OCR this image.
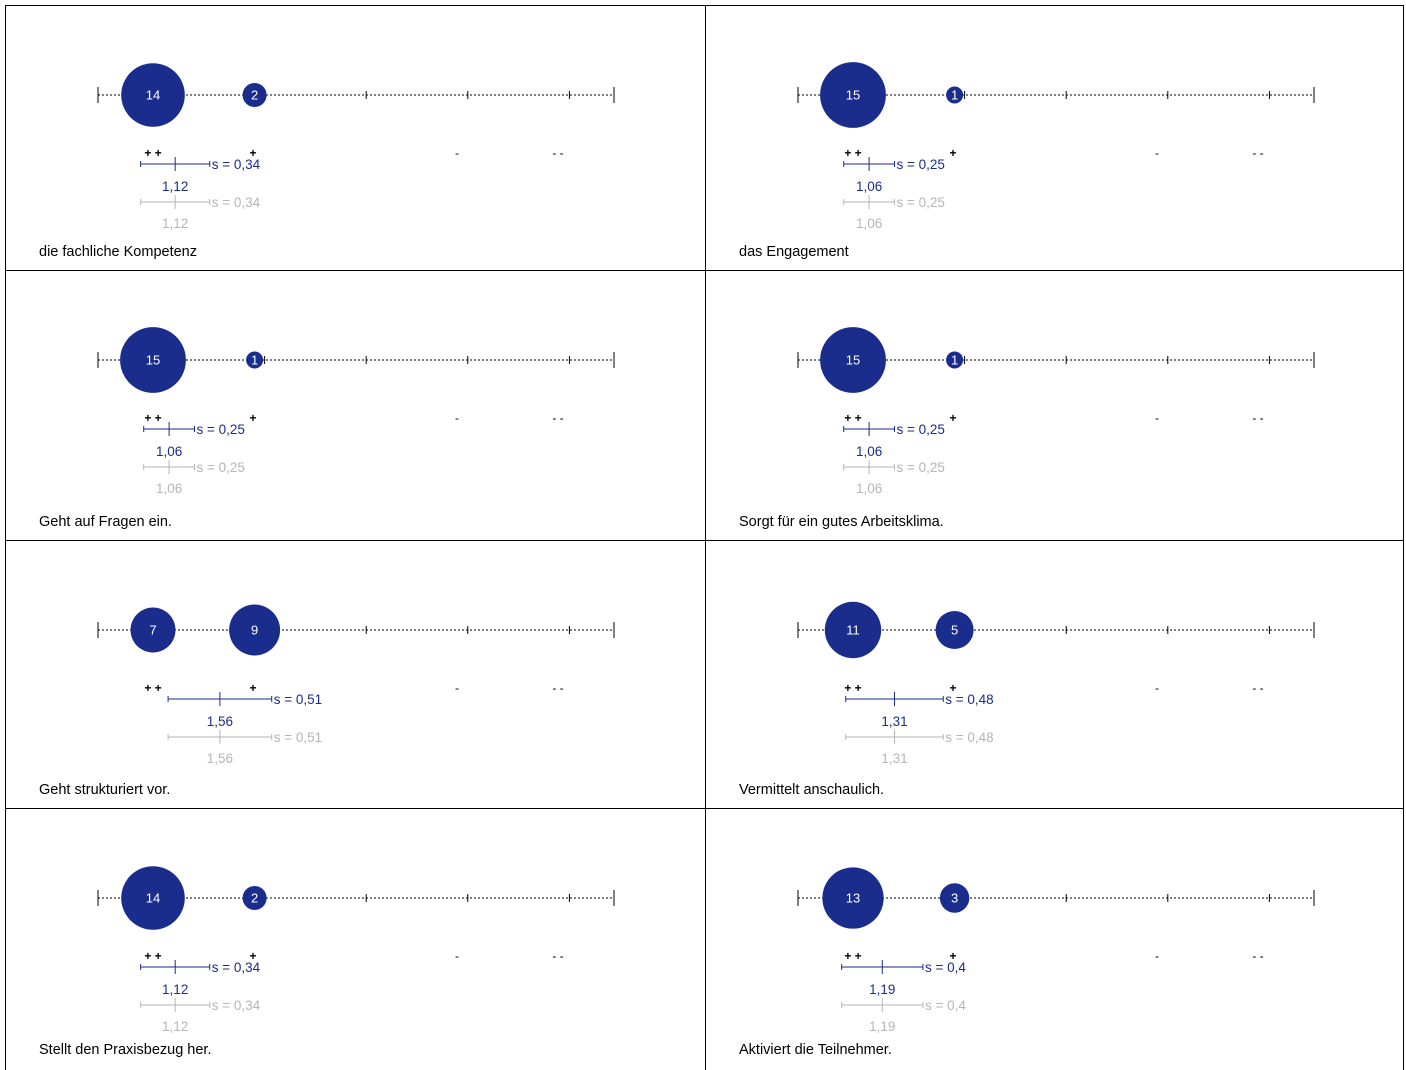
14	2
+ +	+	-	- -
s = 0,34
1,12
s = 0,34
1,12
die fachliche Kompetenz
15	1
+ +	+	-	- -
s = 0,25
1,06
s = 0,25
1,06
das Engagement
15	1
+ +	+	-	- -
s = 0,25
1,06
s = 0,25
1,06
Geht auf Fragen ein.
15	1
+ +	+	-	- -
s = 0,25
1,06
s = 0,25
1,06
Sorgt für ein gutes Arbeitsklima.
7	9
+ +	+	-	- -
s = 0,51
1,56
s = 0,51
1,56
Geht strukturiert vor.
11	5
+ +	+	-	- -
s = 0,48
1,31
s = 0,48
1,31
Vermittelt anschaulich.
14	2
+ +	+	-	- -
s = 0,34
1,12
s = 0,34
1,12
Stellt den Praxisbezug her.
13	3
+ +	+	-	- -
s = 0,4
1,19
s = 0,4
1,19
Aktiviert die Teilnehmer.
